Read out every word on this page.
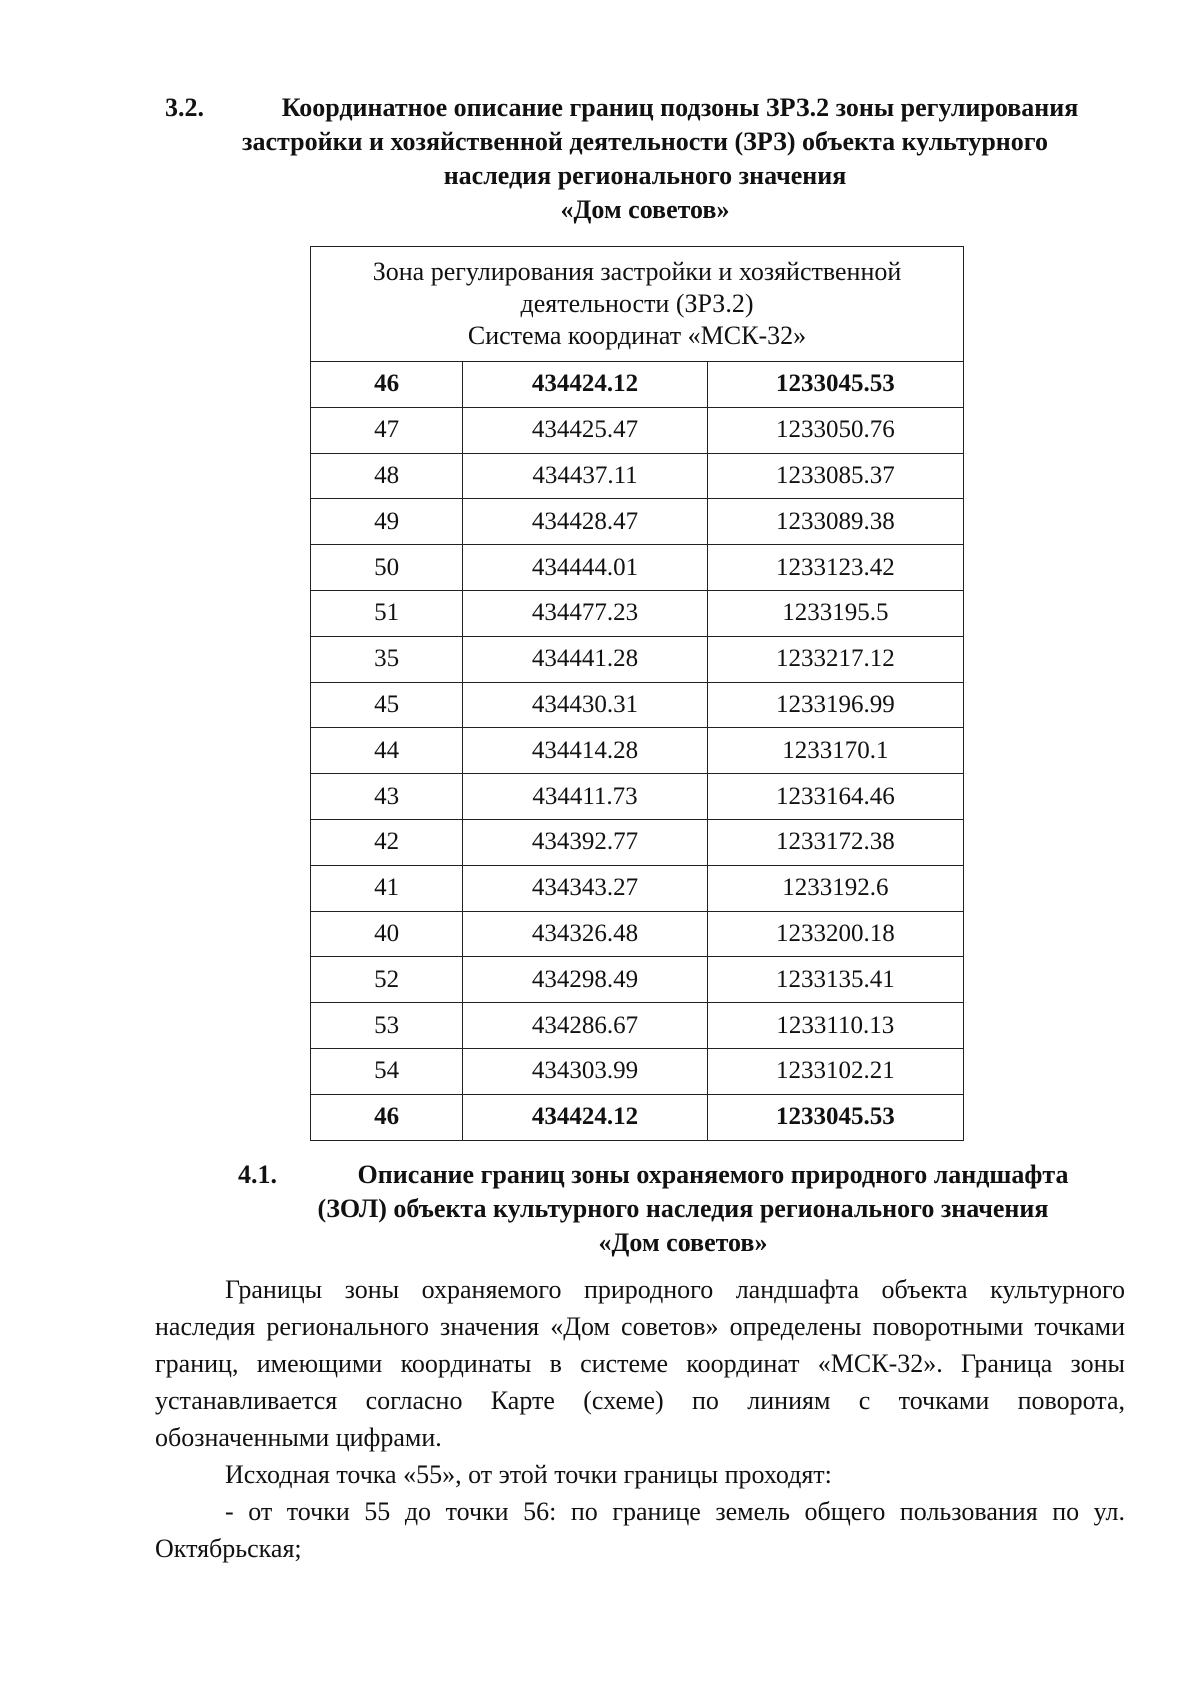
3.2.	Координатное описание границ подзоны ЗРЗ.2 зоны регулирования
застройки и хозяйственной деятельности (ЗРЗ) объекта культурного
наследия регионального значения
«Дом советов»
Зона регулирования застройки и хозяйственной
деятельности (ЗРЗ.2)
Система координат «МСК-32»		
46	434424.12	1233045.53
47	434425.47	1233050.76
48	434437.11	1233085.37
49	434428.47	1233089.38
50	434444.01	1233123.42
51	434477.23	1233195.5
35	434441.28	1233217.12
45	434430.31	1233196.99
44	434414.28	1233170.1
43	434411.73	1233164.46
42	434392.77	1233172.38
41	434343.27	1233192.6
40	434326.48	1233200.18
52	434298.49	1233135.41
53	434286.67	1233110.13
54	434303.99	1233102.21
46	434424.12	1233045.53
4.1.	Описание границ зоны охраняемого природного ландшафта
(ЗОЛ) объекта культурного наследия регионального значения
«Дом советов»
Границы зоны охраняемого природного ландшафта объекта культурного наследия регионального значения «Дом советов» определены поворотными точками границ, имеющими координаты в системе координат «МСК-32». Граница зоны устанавливается согласно Карте (схеме) по линиям с точками поворота, обозначенными цифрами.
Исходная точка «55», от этой точки границы проходят:
- от точки 55 до точки 56: по границе земель общего пользования по ул. Октябрьская;
